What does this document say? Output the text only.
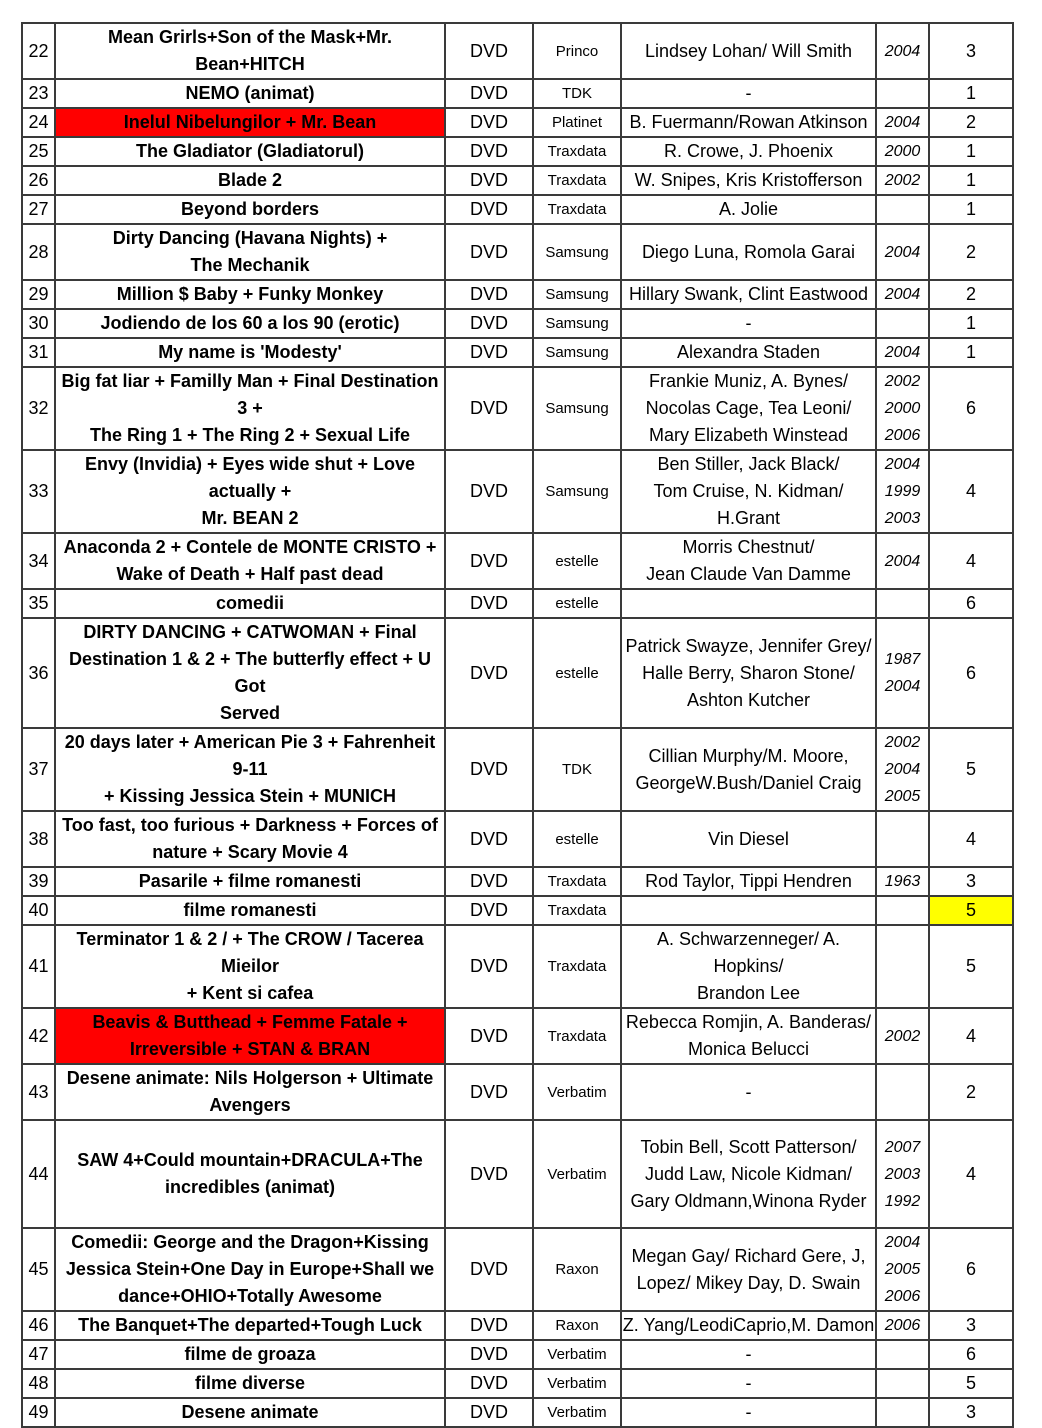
22	Mean Grirls+Son of the Mask+Mr. Bean+HITCH	DVD	Princo	Lindsey Lohan/ Will Smith	2004	3
23	NEMO (animat)	DVD	TDK	-		1
24	Inelul Nibelungilor + Mr. Bean	DVD	Platinet	B. Fuermann/Rowan Atkinson	2004	2
25	The Gladiator (Gladiatorul)	DVD	Traxdata	R. Crowe, J. Phoenix	2000	1
26	Blade 2	DVD	Traxdata	W. Snipes, Kris Kristofferson	2002	1
27	Beyond borders	DVD	Traxdata	A. Jolie		1
28	Dirty Dancing (Havana Nights) +
The Mechanik	DVD	Samsung	Diego Luna, Romola Garai	2004	2
29	Million $ Baby + Funky Monkey	DVD	Samsung	Hillary Swank, Clint Eastwood	2004	2
30	Jodiendo de los 60 a los 90 (erotic)	DVD	Samsung	-		1
31	My name is 'Modesty'	DVD	Samsung	Alexandra Staden	2004	1
32	Big fat liar + Familly Man + Final Destination 3 +
The Ring 1 + The Ring 2 + Sexual Life	DVD	Samsung	Frankie Muniz, A. Bynes/
Nocolas Cage, Tea Leoni/
Mary Elizabeth Winstead	2002
2000
2006	6
33	Envy (Invidia) + Eyes wide shut + Love actually +
Mr. BEAN 2	DVD	Samsung	Ben Stiller, Jack Black/
Tom Cruise, N. Kidman/
H.Grant	2004
1999
2003	4
34	Anaconda 2 + Contele de MONTE CRISTO +
Wake of Death + Half past dead	DVD	estelle	Morris Chestnut/
Jean Claude Van Damme	2004	4
35	comedii	DVD	estelle			6
36	DIRTY DANCING + CATWOMAN + Final
Destination 1 & 2 + The butterfly effect + U Got
Served	DVD	estelle	Patrick Swayze, Jennifer Grey/
Halle Berry, Sharon Stone/
Ashton Kutcher	1987
2004	6
37	20 days later + American Pie 3 + Fahrenheit 9-11
+ Kissing Jessica Stein + MUNICH	DVD	TDK	Cillian Murphy/M. Moore,
GeorgeW.Bush/Daniel Craig	2002
2004
2005	5
38	Too fast, too furious + Darkness + Forces of
nature + Scary Movie 4	DVD	estelle	Vin Diesel		4
39	Pasarile + filme romanesti	DVD	Traxdata	Rod Taylor, Tippi Hendren	1963	3
40	filme romanesti	DVD	Traxdata			5
41	Terminator 1 & 2 / + The CROW / Tacerea Mieilor
+ Kent si cafea	DVD	Traxdata	A. Schwarzenneger/ A. Hopkins/
Brandon Lee		5
42	Beavis & Butthead + Femme Fatale +
Irreversible + STAN & BRAN	DVD	Traxdata	Rebecca Romjin, A. Banderas/
Monica Belucci	2002	4
43	Desene animate: Nils Holgerson + Ultimate
Avengers	DVD	Verbatim	-		2
44	SAW 4+Could mountain+DRACULA+The
incredibles (animat)	DVD	Verbatim	Tobin Bell, Scott Patterson/
Judd Law, Nicole Kidman/
Gary Oldmann,Winona Ryder	2007
2003
1992	4
45	Comedii: George and the Dragon+Kissing
Jessica Stein+One Day in Europe+Shall we
dance+OHIO+Totally Awesome	DVD	Raxon	Megan Gay/ Richard Gere, J,
Lopez/ Mikey Day, D. Swain	2004
2005
2006	6
46	The Banquet+The departed+Tough Luck	DVD	Raxon	Z. Yang/LeodiCaprio,M. Damon	2006	3
47	filme de groaza	DVD	Verbatim	-		6
48	filme diverse	DVD	Verbatim	-		5
49	Desene animate	DVD	Verbatim	-		3
